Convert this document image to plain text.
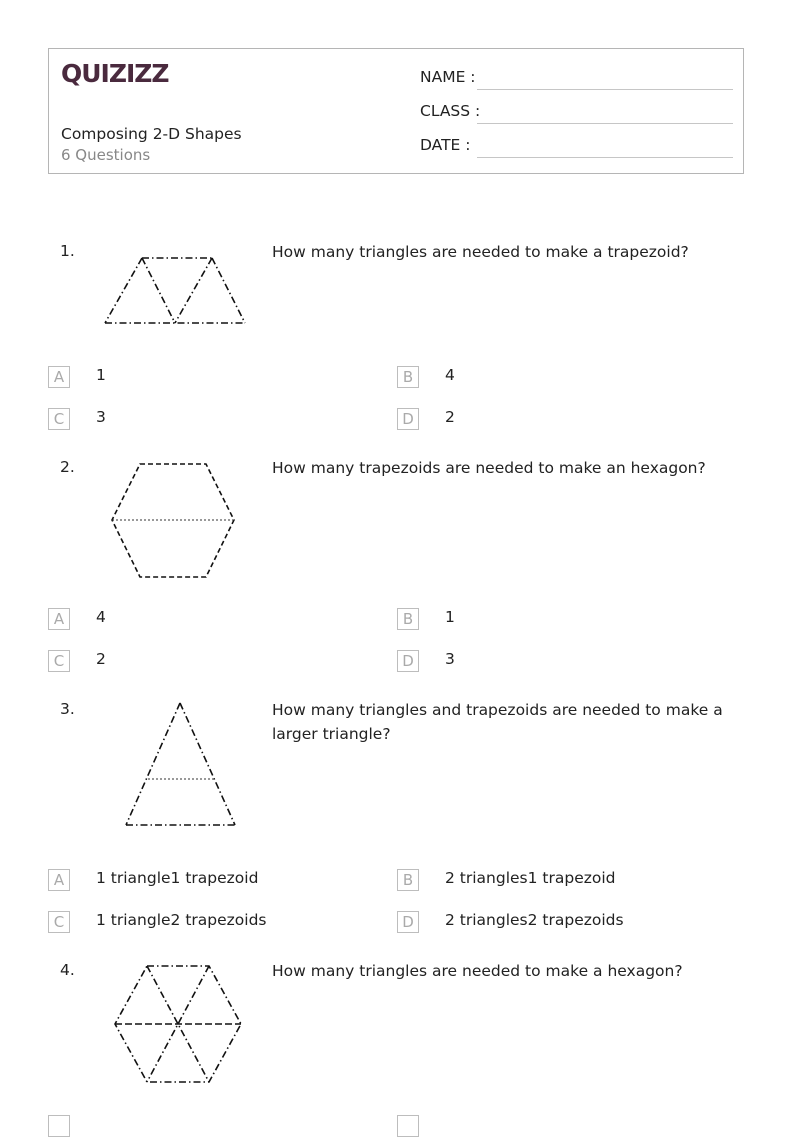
QUIZIZZ
Composing 2-D Shapes
6 Questions
NAME :
CLASS :
DATE :
1.	How many triangles are needed to make a trapezoid?
A	1	B	4
C	3	D	2
2.	How many trapezoids are needed to make an hexagon?
A	4	B	1
C	2	D	3
3.	How many triangles and trapezoids are needed to make a larger triangle?
A	1 triangle1 trapezoid	B	2 triangles1 trapezoid
C	1 triangle2 trapezoids	D	2 triangles2 trapezoids
4.	How many triangles are needed to make a hexagon?
